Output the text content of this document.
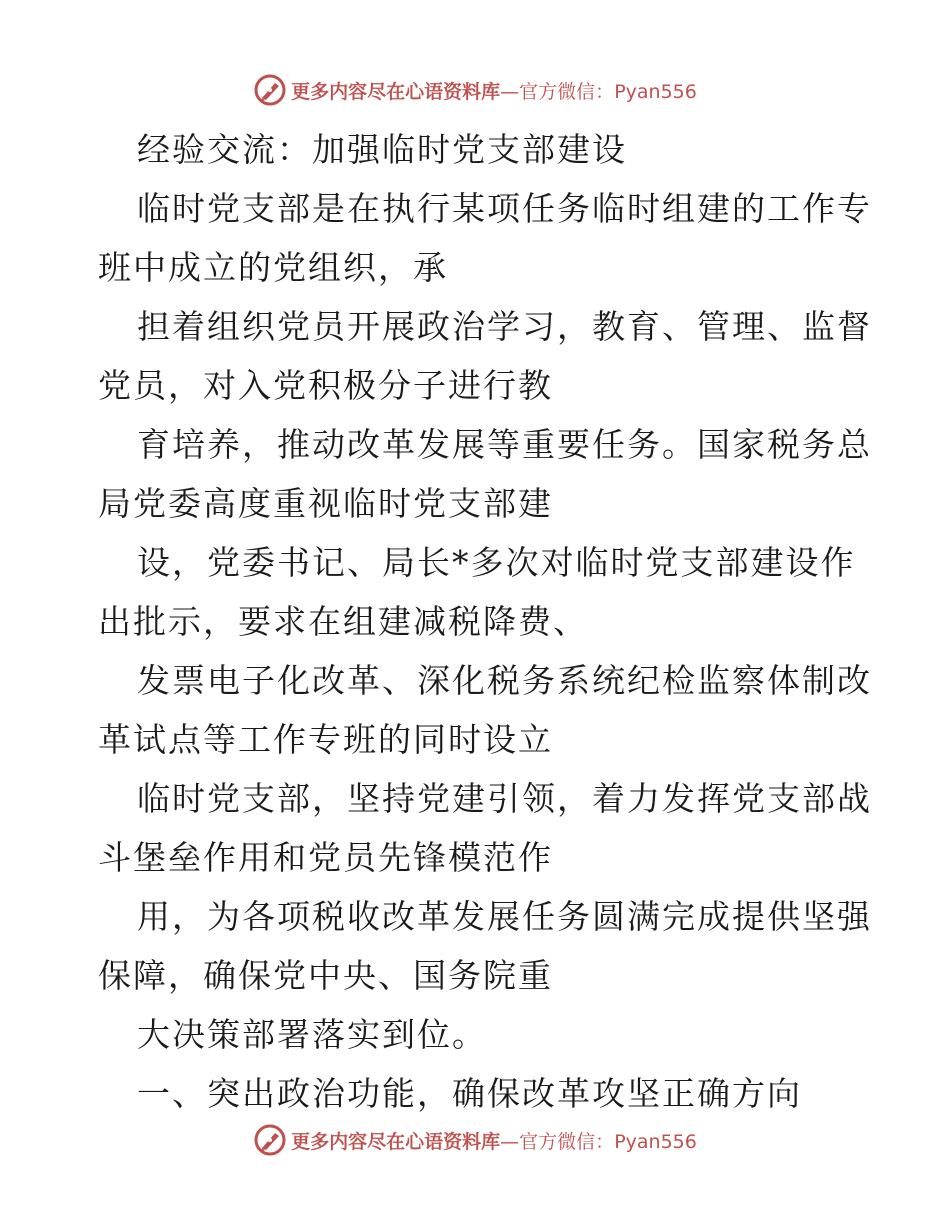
更多内容尽在心语资料库—官方微信：Pyan556
经验交流：加强临时党支部建设
临时党支部是在执行某项任务临时组建的工作专
班中成立的党组织，承
担着组织党员开展政治学习，教育、管理、监督
党员，对入党积极分子进行教
育培养，推动改革发展等重要任务。国家税务总
局党委高度重视临时党支部建
设，党委书记、局长*多次对临时党支部建设作
出批示，要求在组建减税降费、
发票电子化改革、深化税务系统纪检监察体制改
革试点等工作专班的同时设立
临时党支部，坚持党建引领，着力发挥党支部战
斗堡垒作用和党员先锋模范作
用，为各项税收改革发展任务圆满完成提供坚强
保障，确保党中央、国务院重
大决策部署落实到位。
一、突出政治功能，确保改革攻坚正确方向
更多内容尽在心语资料库—官方微信：Pyan556
